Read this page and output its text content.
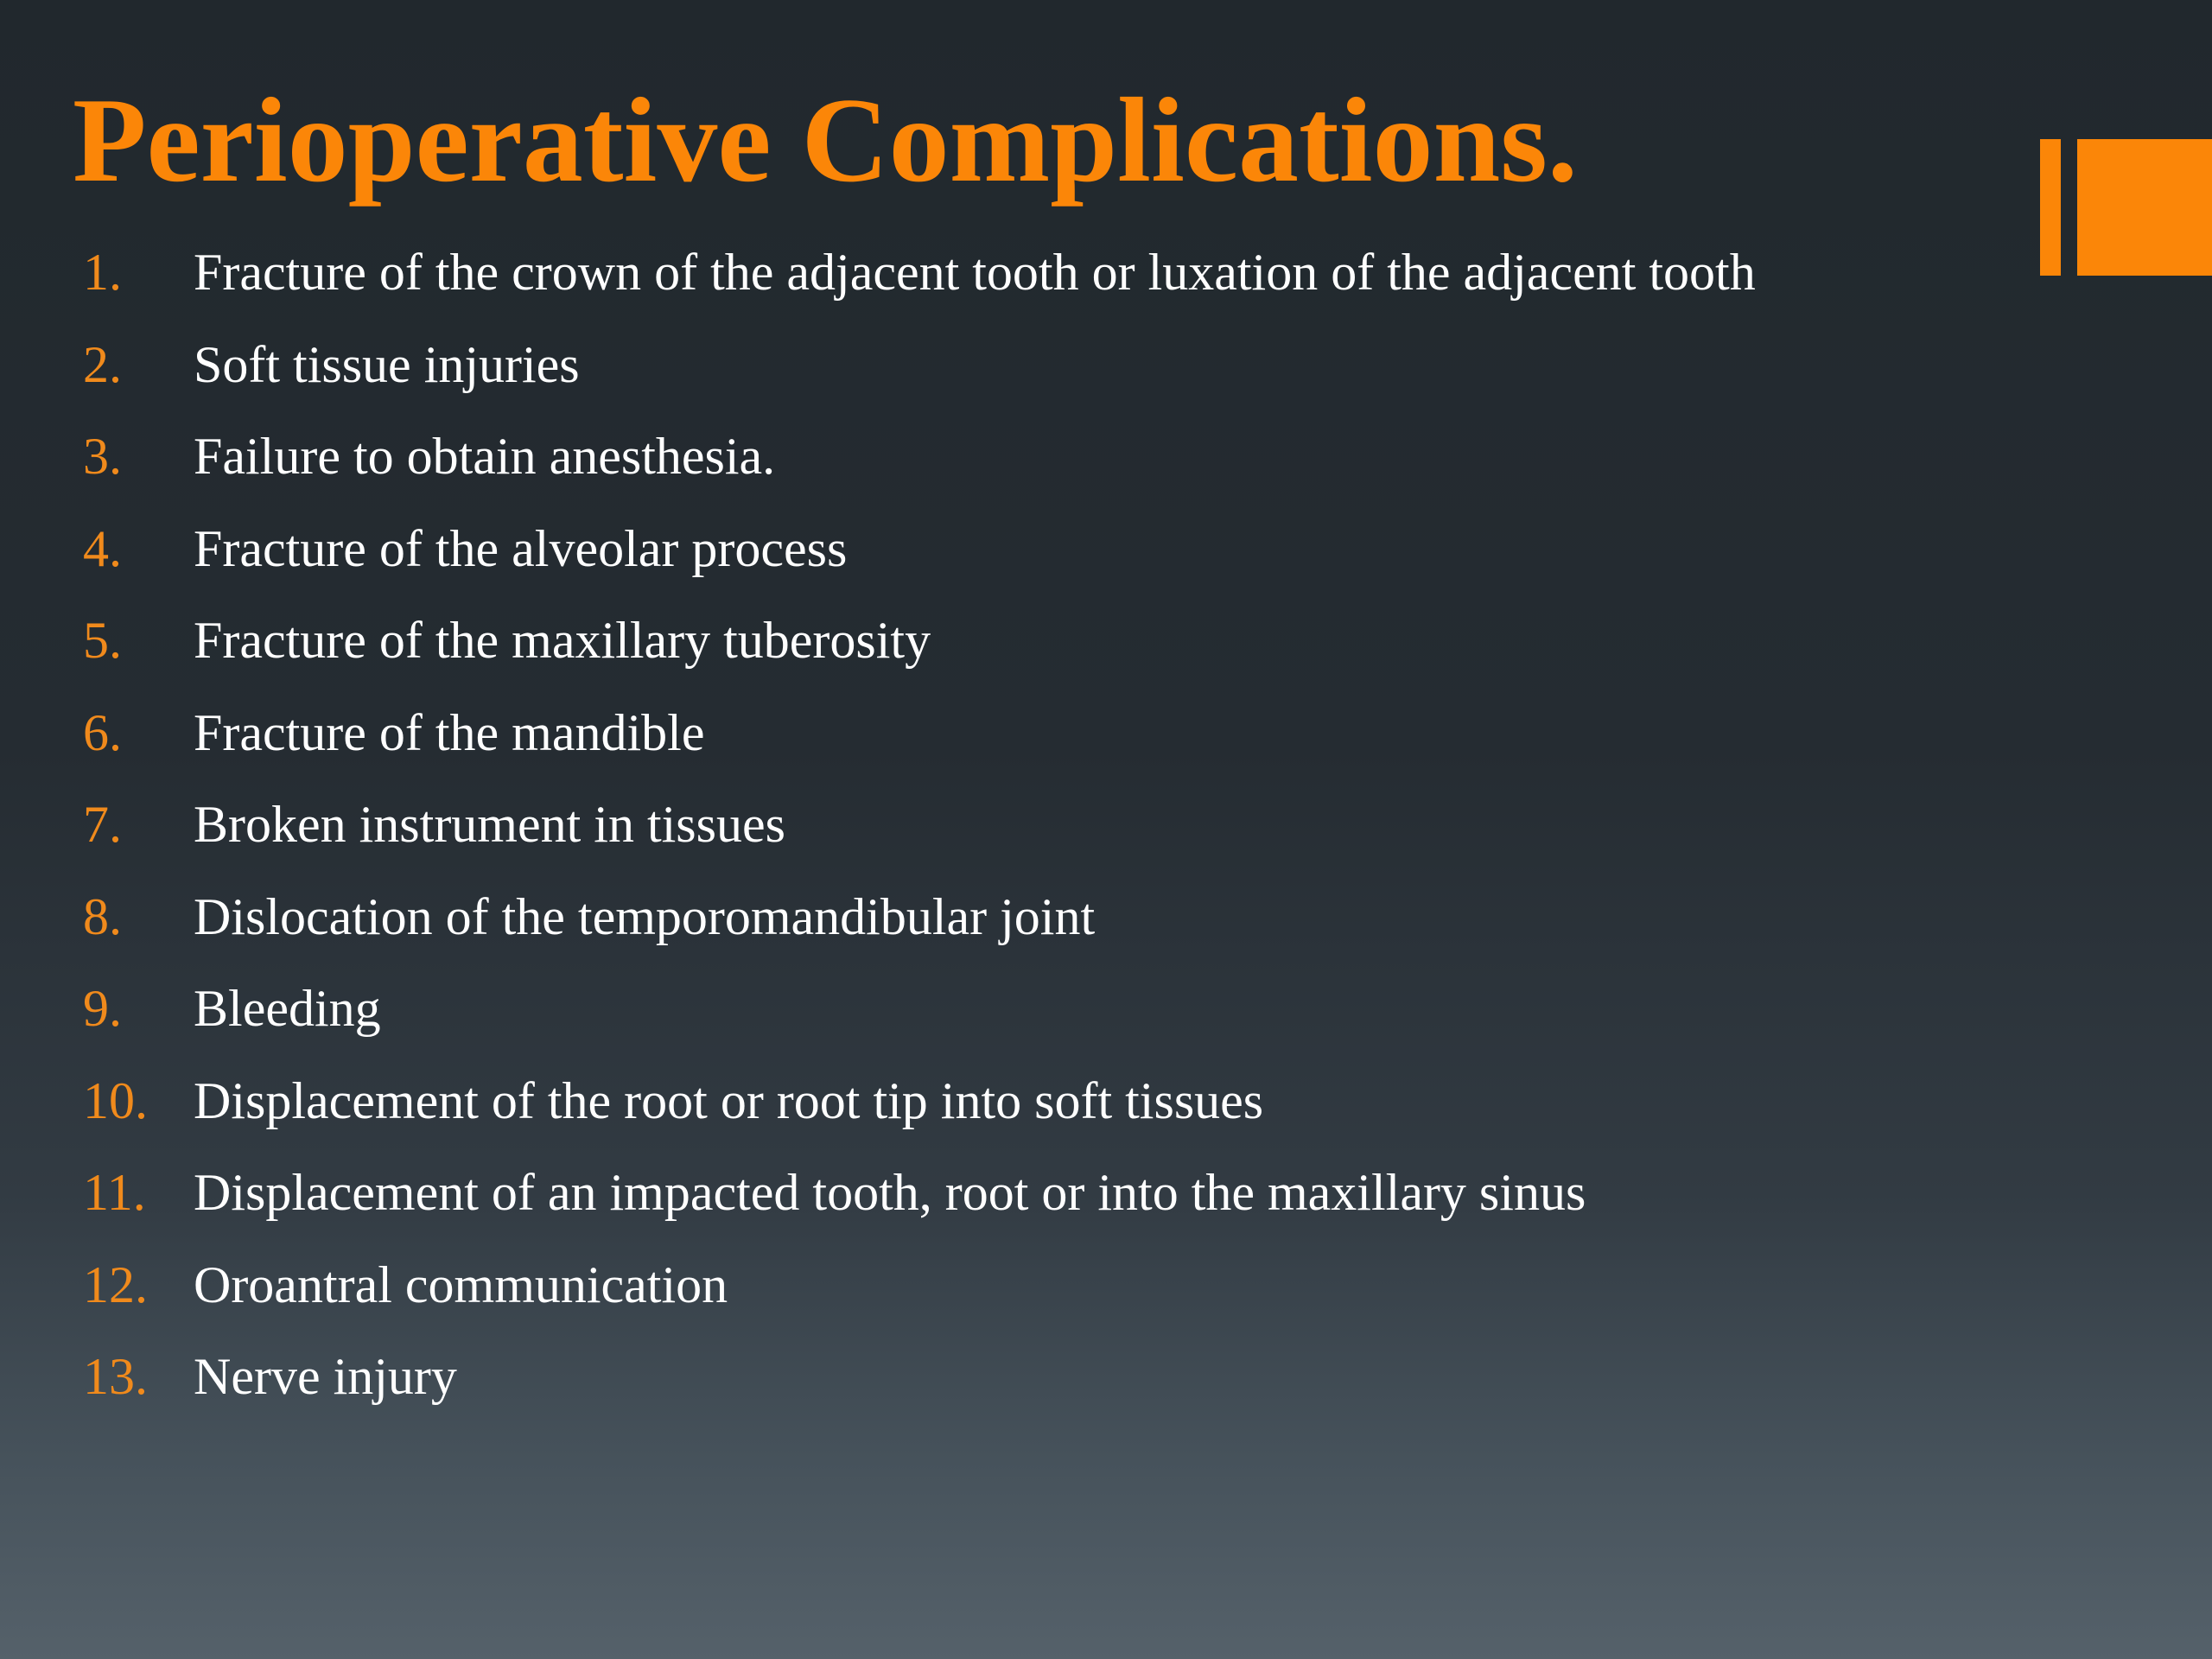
Perioperative Complications.
1. Fracture of the crown of the adjacent tooth or luxation of the adjacent tooth
2. Soft tissue injuries
3. Failure to obtain anesthesia.
4. Fracture of the alveolar process
5. Fracture of the maxillary tuberosity
6. Fracture of the mandible
7. Broken instrument in tissues
8. Dislocation of the temporomandibular joint
9. Bleeding
10. Displacement of the root or root tip into soft tissues
11. Displacement of an impacted tooth, root or into the maxillary sinus
12. Oroantral communication
13. Nerve injury
